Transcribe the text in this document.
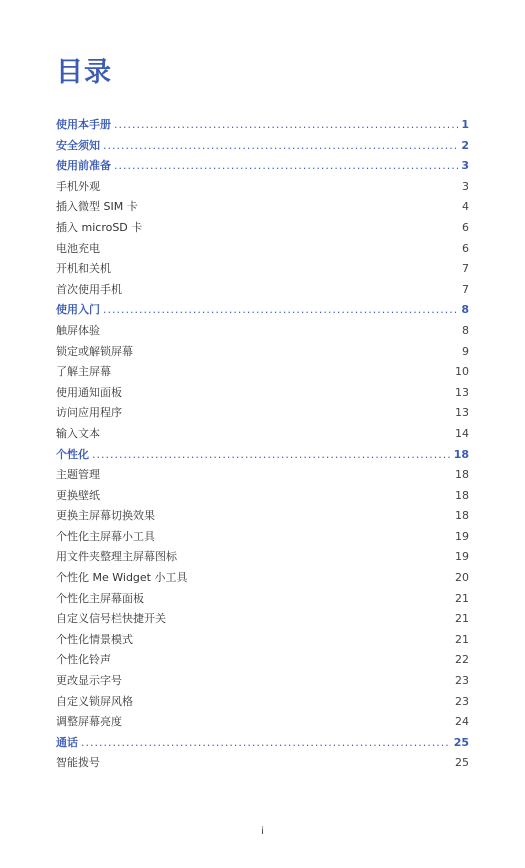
目录
使用本手册 .....	1
安全须知 .....	2
使用前准备 .....	3
手机外观	3
插入微型 SIM 卡	4
插入 microSD 卡	6
电池充电	6
开机和关机	7
首次使用手机	7
使用入门 .....	8
触屏体验	8
锁定或解锁屏幕	9
了解主屏幕	10
使用通知面板	13
访问应用程序	13
输入文本	14
个性化 .....	18
主题管理	18
更换壁纸	18
更换主屏幕切换效果	18
个性化主屏幕小工具	19
用文件夹整理主屏幕图标	19
个性化 Me Widget 小工具	20
个性化主屏幕面板	21
自定义信号栏快捷开关	21
个性化情景模式	21
个性化铃声	22
更改显示字号	23
自定义锁屏风格	23
调整屏幕亮度	24
通话 .....	25
智能拨号	25
i
